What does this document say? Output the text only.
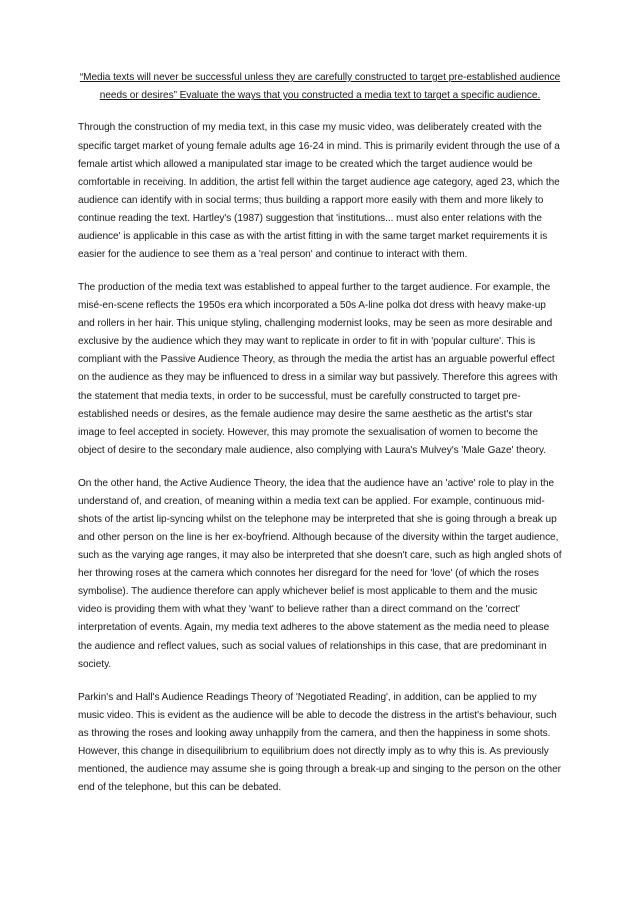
“Media texts will never be successful unless they are carefully constructed to target pre-established audience needs or desires” Evaluate the ways that you constructed a media text to target a specific audience.

Through the construction of my media text, in this case my music video, was deliberately created with the specific target market of young female adults age 16-24 in mind. This is primarily evident through the use of a female artist which allowed a manipulated star image to be created which the target audience would be comfortable in receiving. In addition, the artist fell within the target audience age category, aged 23, which the audience can identify with in social terms; thus building a rapport more easily with them and more likely to continue reading the text. Hartley's (1987) suggestion that 'institutions... must also enter relations with the audience' is applicable in this case as with the artist fitting in with the same target market requirements it is easier for the audience to see them as a 'real person' and continue to interact with them.

The production of the media text was established to appeal further to the target audience. For example, the misé-en-scene reflects the 1950s era which incorporated a 50s A-line polka dot dress with heavy make-up and rollers in her hair. This unique styling, challenging modernist looks, may be seen as more desirable and exclusive by the audience which they may want to replicate in order to fit in with 'popular culture'. This is compliant with the Passive Audience Theory, as through the media the artist has an arguable powerful effect on the audience as they may be influenced to dress in a similar way but passively. Therefore this agrees with the statement that media texts, in order to be successful, must be carefully constructed to target pre-established needs or desires, as the female audience may desire the same aesthetic as the artist's star image to feel accepted in society. However, this may promote the sexualisation of women to become the object of desire to the secondary male audience, also complying with Laura's Mulvey's 'Male Gaze' theory.

On the other hand, the Active Audience Theory, the idea that the audience have an 'active' role to play in the understand of, and creation, of meaning within a media text can be applied. For example, continuous mid-shots of the artist lip-syncing whilst on the telephone may be interpreted that she is going through a break up and other person on the line is her ex-boyfriend. Although because of the diversity within the target audience, such as the varying age ranges, it may also be interpreted that she doesn't care, such as high angled shots of her throwing roses at the camera which connotes her disregard for the need for 'love' (of which the roses symbolise). The audience therefore can apply whichever belief is most applicable to them and the music video is providing them with what they 'want' to believe rather than a direct command on the 'correct' interpretation of events. Again, my media text adheres to the above statement as the media need to please the audience and reflect values, such as social values of relationships in this case, that are predominant in society.

Parkin's and Hall's Audience Readings Theory of 'Negotiated Reading', in addition, can be applied to my music video. This is evident as the audience will be able to decode the distress in the artist's behaviour, such as throwing the roses and looking away unhappily from the camera, and then the happiness in some shots. However, this change in disequilibrium to equilibrium does not directly imply as to why this is. As previously mentioned, the audience may assume she is going through a break-up and singing to the person on the other end of the telephone, but this can be debated.
